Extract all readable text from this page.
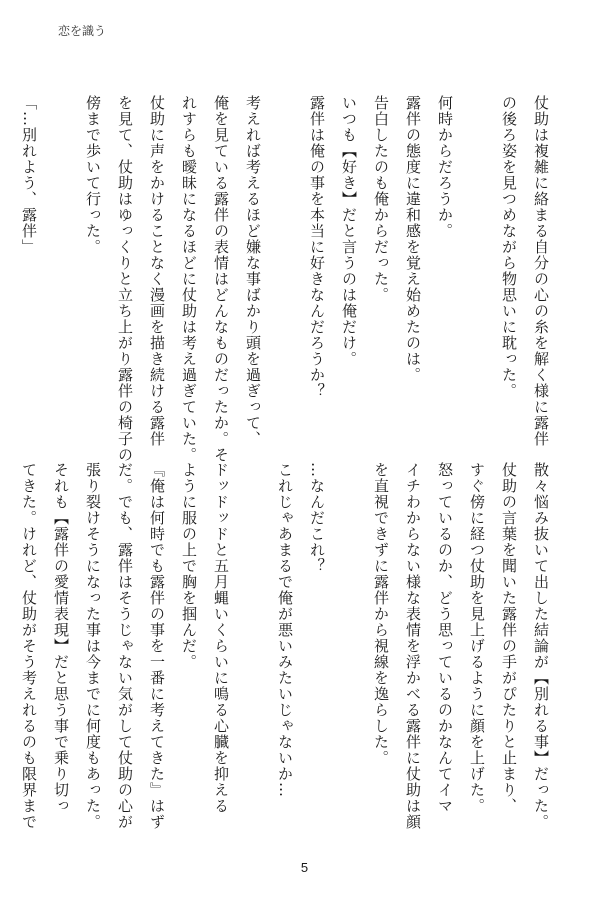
恋を識う
仗助は複雑に絡まる自分の心の糸を解く様に露伴
の後ろ姿を見つめながら物思いに耽った。

何時からだろうか。
露伴の態度に違和感を覚え始めたのは。
告白したのも俺からだった。
いつも【好き】だと言うのは俺だけ。
露伴は俺の事を本当に好きなんだろうか？

考えれば考えるほど嫌な事ばかり頭を過ぎって、
俺を見ている露伴の表情はどんなものだったか。そ
れすらも曖昧になるほどに仗助は考え過ぎていた。
仗助に声をかけることなく漫画を描き続ける露伴
を見て、仗助はゆっくりと立ち上がり露伴の椅子の
傍まで歩いて行った。

「…別れよう、露伴」
散々悩み抜いて出した結論が【別れる事】だった。
仗助の言葉を聞いた露伴の手がぴたりと止まり、
すぐ傍に経つ仗助を見上げるように顔を上げた。
怒っているのか、どう思っているのかなんてイマ
イチわからない様な表情を浮かべる露伴に仗助は顔
を直視できずに露伴から視線を逸らした。

…なんだこれ？
これじゃあまるで俺が悪いみたいじゃないか…

ドッドッドと五月蝿いくらいに鳴る心臓を抑える
ように服の上で胸を掴んだ。
『俺は何時でも露伴の事を一番に考えてきた』はず
だ。でも、露伴はそうじゃない気がして仗助の心が
張り裂けそうになった事は今までに何度もあった。
それも【露伴の愛情表現】だと思う事で乗り切っ
てきた。けれど、仗助がそう考えれるのも限界まで
5
